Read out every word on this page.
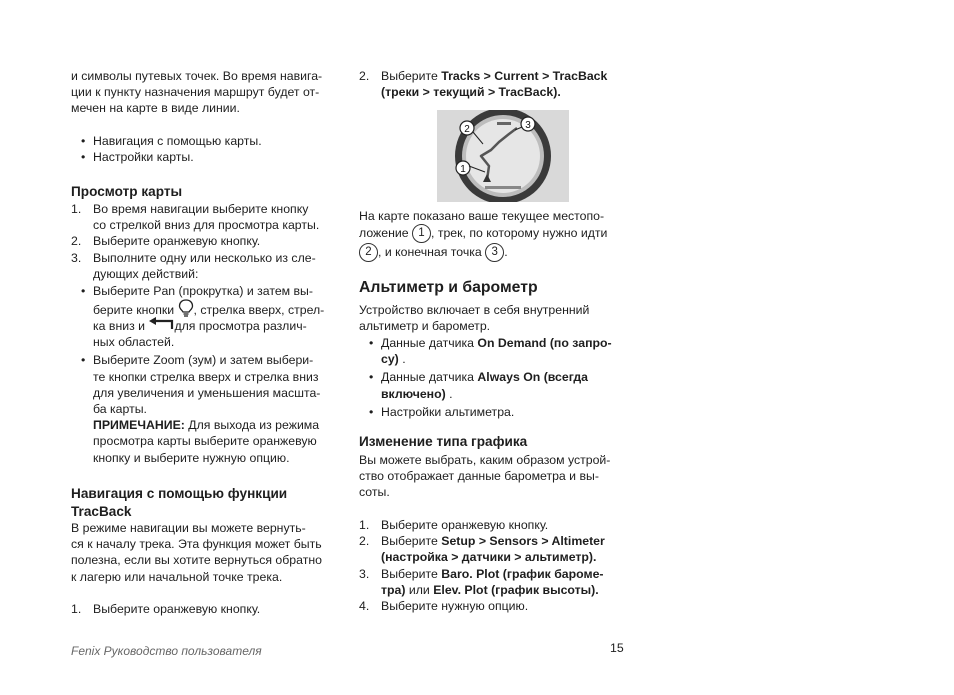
и символы путевых точек. Во время навига-

ции к пункту назначения маршрут будет от-

мечен на карте в виде линии.

• Навигация с помощью карты.
• Настройки карты.
Просмотр карты
1. Во время навигации выберите кнопку
со стрелкой вниз для просмотра карты.
2. Выберите оранжевую кнопку.
3. Выполните одну или несколько из сле-
дующих действий:
• Выберите Pan (прокрутка) и затем вы-
берите кнопки , стрелка вверх, стрел-
ка вниз и для просмотра различ-
ных областей.
• Выберите Zoom (зум) и затем выбери-
те кнопки стрелка вверх и стрелка вниз
для увеличения и уменьшения масшта-
ба карты.
ПРИМЕЧАНИЕ: Для выхода из режима
просмотра карты выберите оранжевую
кнопку и выберите нужную опцию.
Навигация с помощью функции
TracBack

В режиме навигации вы можете вернуть-

ся к началу трека. Эта функция может быть

полезна, если вы хотите вернуться обратно

к лагерю или начальной точке трека.

1. Выберите оранжевую кнопку.
2. Выберите Tracks > Current > TracBack
(треки > текущий > TracBack).
2	3
1

На карте показано ваше текущее местопо-

ложение 1 , трек, по которому нужно идти

2 , и конечная точка 3 .

Альтиметр и барометр

Устройство включает в себя внутренний

альтиметр и барометр.

• Данные датчика On Demand (по запро-
су) .
• Данные датчика Always On (всегда
включено) .
• Настройки альтиметра.
Изменение типа графика

Вы можете выбрать, каким образом устрой-

ство отображает данные барометра и вы-

соты.

1. Выберите оранжевую кнопку.
2. Выберите Setup > Sensors > Altimeter
(настройка > датчики > альтиметр).
3. Выберите Baro. Plot (график бароме-
тра) или Elev. Plot (график высоты).
4. Выберите нужную опцию.
Fenix Руководство пользователя	15
